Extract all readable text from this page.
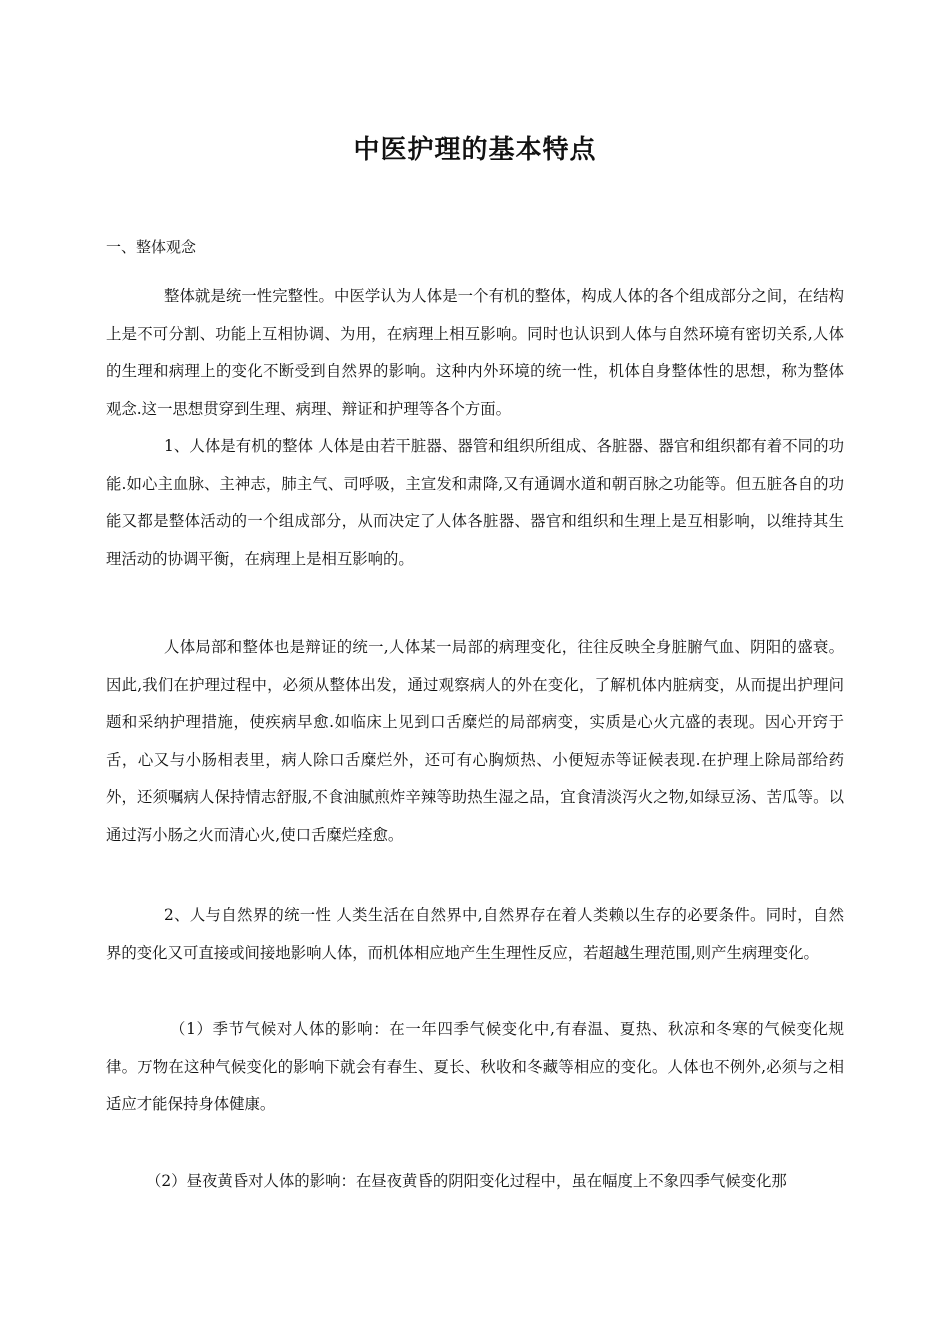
中医护理的基本特点
一、整体观念

整体就是统一性完整性。中医学认为人体是一个有机的整体，构成人体的各个组成部分之间，在结构上是不可分割、功能上互相协调、为用，在病理上相互影响。同时也认识到人体与自然环境有密切关系,人体的生理和病理上的变化不断受到自然界的影响。这种内外环境的统一性，机体自身整体性的思想，称为整体观念.这一思想贯穿到生理、病理、辩证和护理等各个方面。

1、人体是有机的整体 人体是由若干脏器、器管和组织所组成、各脏器、器官和组织都有着不同的功能.如心主血脉、主神志，肺主气、司呼吸，主宣发和肃降,又有通调水道和朝百脉之功能等。但五脏各自的功能又都是整体活动的一个组成部分，从而决定了人体各脏器、器官和组织和生理上是互相影响，以维持其生理活动的协调平衡，在病理上是相互影响的。

人体局部和整体也是辩证的统一,人体某一局部的病理变化，往往反映全身脏腑气血、阴阳的盛衰。因此,我们在护理过程中，必须从整体出发，通过观察病人的外在变化，了解机体内脏病变，从而提出护理问题和采纳护理措施，使疾病早愈.如临床上见到口舌糜烂的局部病变，实质是心火亢盛的表现。因心开窍于舌，心又与小肠相表里，病人除口舌糜烂外，还可有心胸烦热、小便短赤等证候表现.在护理上除局部给药外，还须嘱病人保持情志舒服,不食油腻煎炸辛辣等助热生湿之品，宜食清淡泻火之物,如绿豆汤、苦瓜等。以通过泻小肠之火而清心火,使口舌糜烂痊愈。

2、人与自然界的统一性 人类生活在自然界中,自然界存在着人类赖以生存的必要条件。同时，自然界的变化又可直接或间接地影响人体，而机体相应地产生生理性反应，若超越生理范围,则产生病理变化。

（1）季节气候对人体的影响：在一年四季气候变化中,有春温、夏热、秋凉和冬寒的气候变化规律。万物在这种气候变化的影响下就会有春生、夏长、秋收和冬藏等相应的变化。人体也不例外,必须与之相适应才能保持身体健康。

（2）昼夜黄昏对人体的影响：在昼夜黄昏的阴阳变化过程中，虽在幅度上不象四季气候变化那
